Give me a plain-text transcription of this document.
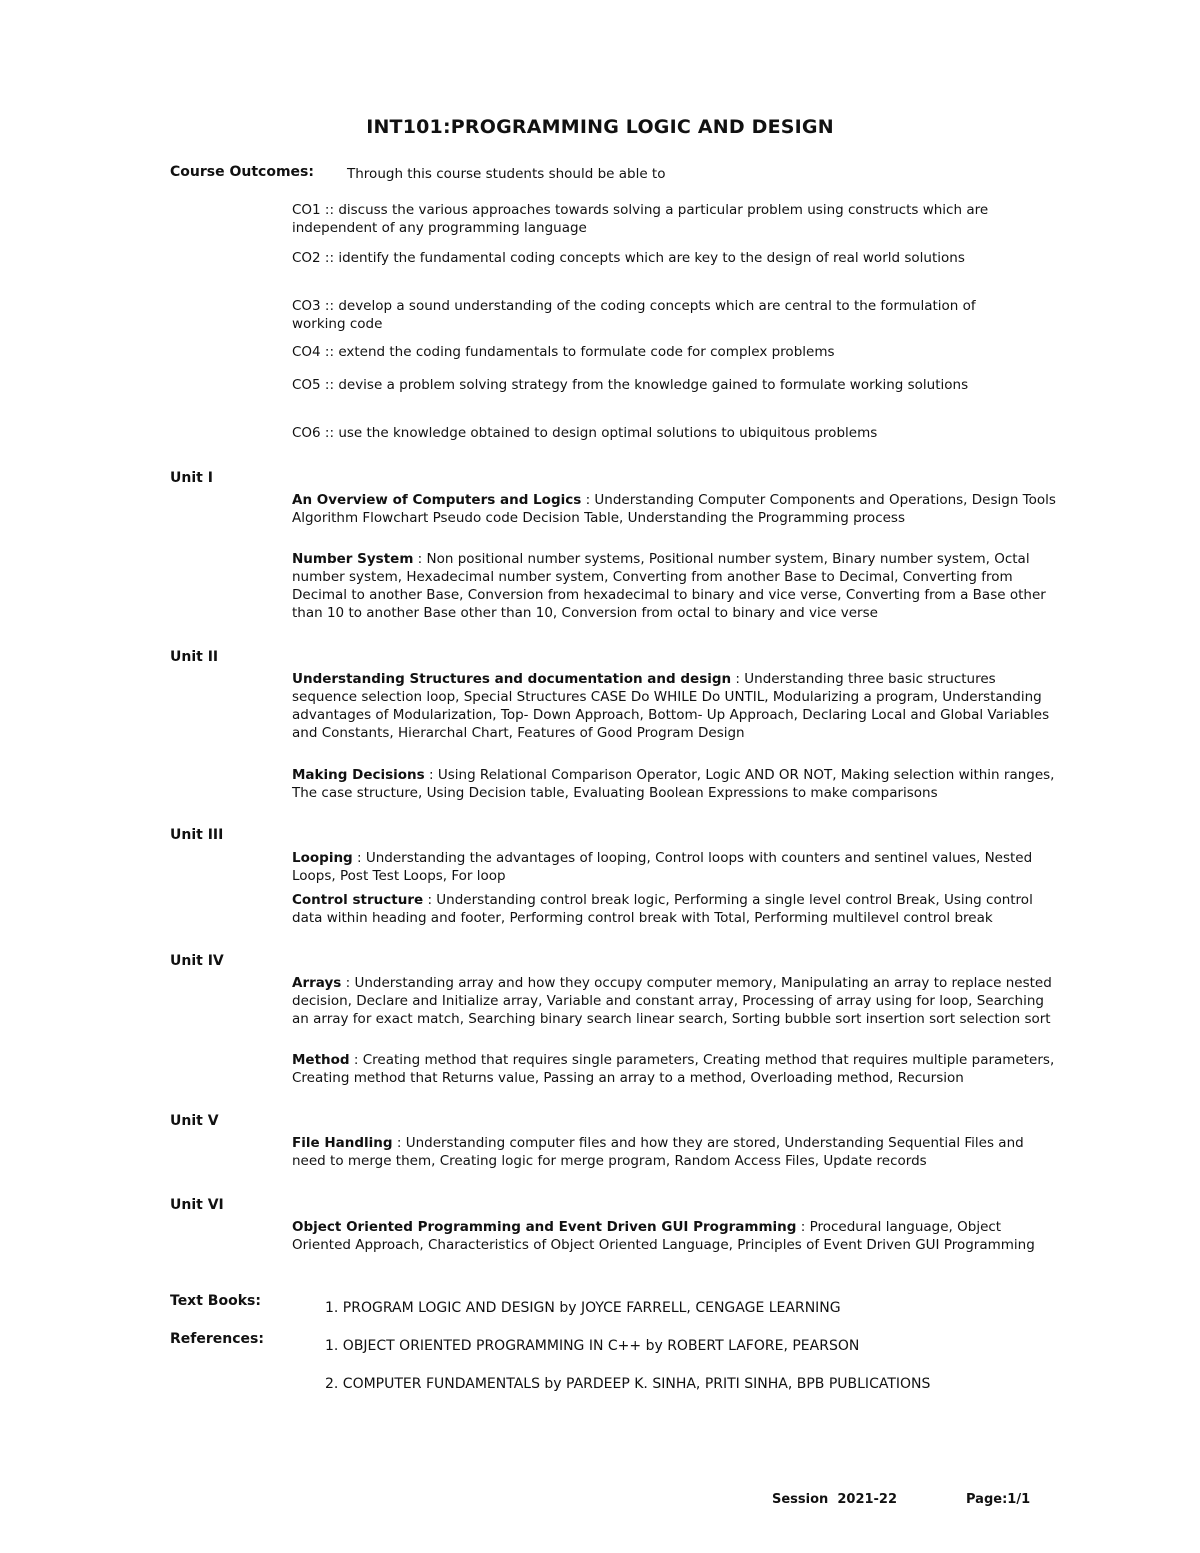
INT101:PROGRAMMING LOGIC AND DESIGN
Course Outcomes: Through this course students should be able to
CO1 :: discuss the various approaches towards solving a particular problem using constructs which are independent of any programming language
CO2 :: identify the fundamental coding concepts which are key to the design of real world solutions
CO3 :: develop a sound understanding of the coding concepts which are central to the formulation of working code
CO4 :: extend the coding fundamentals to formulate code for complex problems
CO5 :: devise a problem solving strategy from the knowledge gained to formulate working solutions
CO6 :: use the knowledge obtained to design optimal solutions to ubiquitous problems
Unit I
An Overview of Computers and Logics : Understanding Computer Components and Operations, Design Tools Algorithm Flowchart Pseudo code Decision Table, Understanding the Programming process
Number System : Non positional number systems, Positional number system, Binary number system, Octal number system, Hexadecimal number system, Converting from another Base to Decimal, Converting from Decimal to another Base, Conversion from hexadecimal to binary and vice verse, Converting from a Base other than 10 to another Base other than 10, Conversion from octal to binary and vice verse
Unit II
Understanding Structures and documentation and design : Understanding three basic structures sequence selection loop, Special Structures CASE Do WHILE Do UNTIL, Modularizing a program, Understanding advantages of Modularization, Top- Down Approach, Bottom- Up Approach, Declaring Local and Global Variables and Constants, Hierarchal Chart, Features of Good Program Design
Making Decisions : Using Relational Comparison Operator, Logic AND OR NOT, Making selection within ranges, The case structure, Using Decision table, Evaluating Boolean Expressions to make comparisons
Unit III
Looping : Understanding the advantages of looping, Control loops with counters and sentinel values, Nested Loops, Post Test Loops, For loop
Control structure : Understanding control break logic, Performing a single level control Break, Using control data within heading and footer, Performing control break with Total, Performing multilevel control break
Unit IV
Arrays : Understanding array and how they occupy computer memory, Manipulating an array to replace nested decision, Declare and Initialize array, Variable and constant array, Processing of array using for loop, Searching an array for exact match, Searching binary search linear search, Sorting bubble sort insertion sort selection sort
Method : Creating method that requires single parameters, Creating method that requires multiple parameters, Creating method that Returns value, Passing an array to a method, Overloading method, Recursion
Unit V
File Handling : Understanding computer files and how they are stored, Understanding Sequential Files and need to merge them, Creating logic for merge program, Random Access Files, Update records
Unit VI
Object Oriented Programming and Event Driven GUI Programming : Procedural language, Object Oriented Approach, Characteristics of Object Oriented Language, Principles of Event Driven GUI Programming
Text Books:	1. PROGRAM LOGIC AND DESIGN by JOYCE FARRELL, CENGAGE LEARNING
References:	1. OBJECT ORIENTED PROGRAMMING IN C++ by ROBERT LAFORE, PEARSON
2. COMPUTER FUNDAMENTALS by PARDEEP K. SINHA, PRITI SINHA, BPB PUBLICATIONS
Session  2021-22	Page:1/1
